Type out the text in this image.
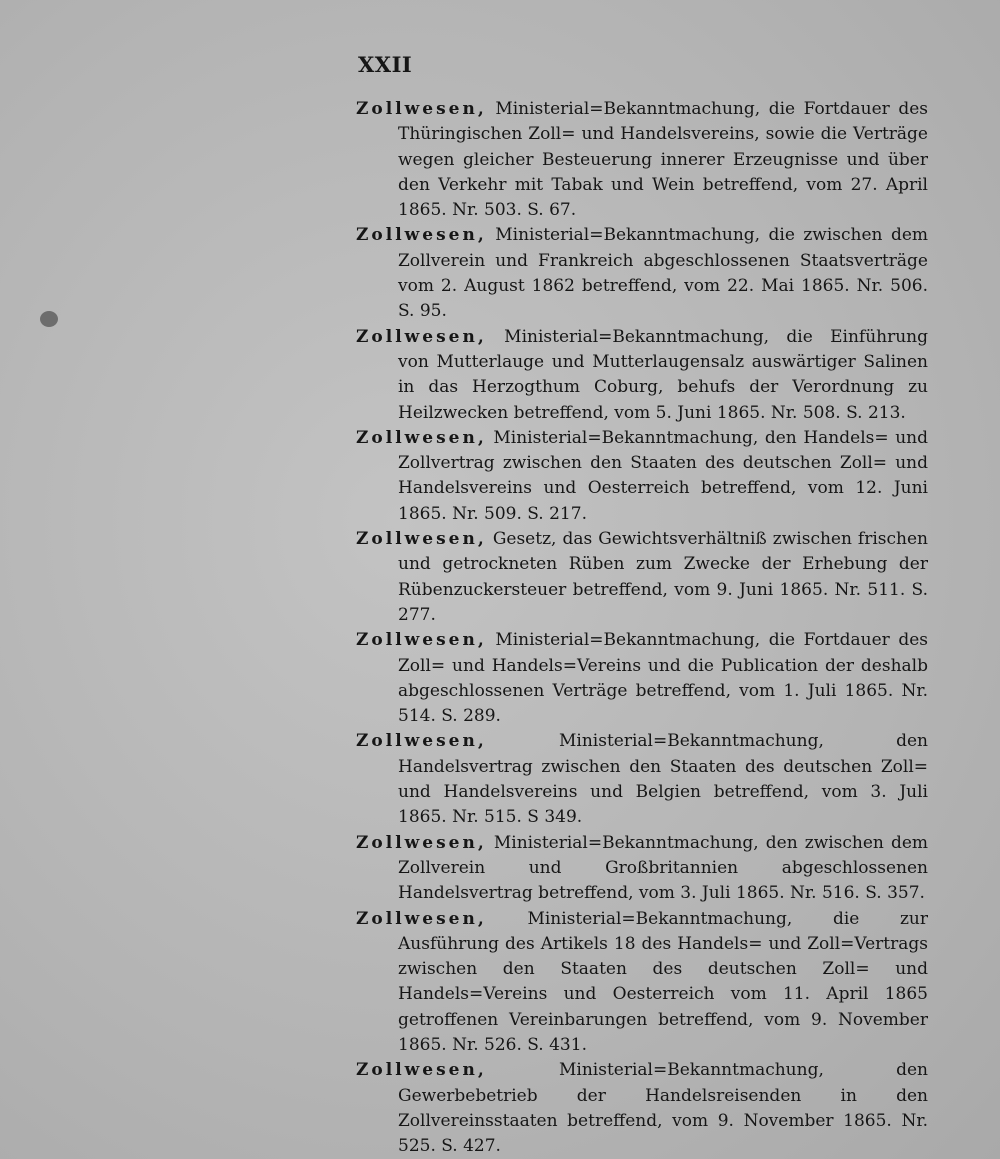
XXII

Zollwesen, Ministerial=Bekanntmachung, die Fortdauer des Thüringischen Zoll= und Handelsvereins, sowie die Verträge wegen gleicher Besteuerung innerer Erzeugnisse und über den Verkehr mit Tabak und Wein betreffend, vom 27. April 1865. Nr. 503. S. 67.

Zollwesen, Ministerial=Bekanntmachung, die zwischen dem Zollverein und Frankreich abgeschlossenen Staatsverträge vom 2. August 1862 betreffend, vom 22. Mai 1865. Nr. 506. S. 95.

Zollwesen, Ministerial=Bekanntmachung, die Einführung von Mutterlauge und Mutterlaugensalz auswärtiger Salinen in das Herzogthum Coburg, behufs der Verordnung zu Heilzwecken betreffend, vom 5. Juni 1865. Nr. 508. S. 213.

Zollwesen, Ministerial=Bekanntmachung, den Handels= und Zollvertrag zwischen den Staaten des deutschen Zoll= und Handelsvereins und Oesterreich betreffend, vom 12. Juni 1865. Nr. 509. S. 217.

Zollwesen, Gesetz, das Gewichtsverhältniß zwischen frischen und getrockneten Rüben zum Zwecke der Erhebung der Rübenzuckersteuer betreffend, vom 9. Juni 1865. Nr. 511. S. 277.

Zollwesen, Ministerial=Bekanntmachung, die Fortdauer des Zoll= und Handels=Vereins und die Publication der deshalb abgeschlossenen Verträge betreffend, vom 1. Juli 1865. Nr. 514. S. 289.

Zollwesen,	Ministerial=Bekanntmachung, den Handelsvertrag zwischen den Staaten des deutschen Zoll= und Handelsvereins und Belgien betreffend, vom 3. Juli 1865. Nr. 515. S 349.

Zollwesen, Ministerial=Bekanntmachung, den zwischen dem Zollverein und Großbritannien abgeschlossenen Handelsvertrag betreffend, vom 3. Juli 1865. Nr. 516. S. 357.

Zollwesen, Ministerial=Bekanntmachung, die zur Ausführung des Artikels 18 des Handels= und Zoll=Vertrags zwischen den Staaten des deutschen Zoll= und Handels=Vereins und Oesterreich vom 11. April 1865 getroffenen Vereinbarungen betreffend, vom 9. November 1865. Nr. 526. S. 431.

Zollwesen,	Ministerial=Bekanntmachung, den Gewerbebetrieb der Handelsreisenden in den Zollvereinsstaaten betreffend, vom 9. November 1865. Nr. 525. S. 427.
